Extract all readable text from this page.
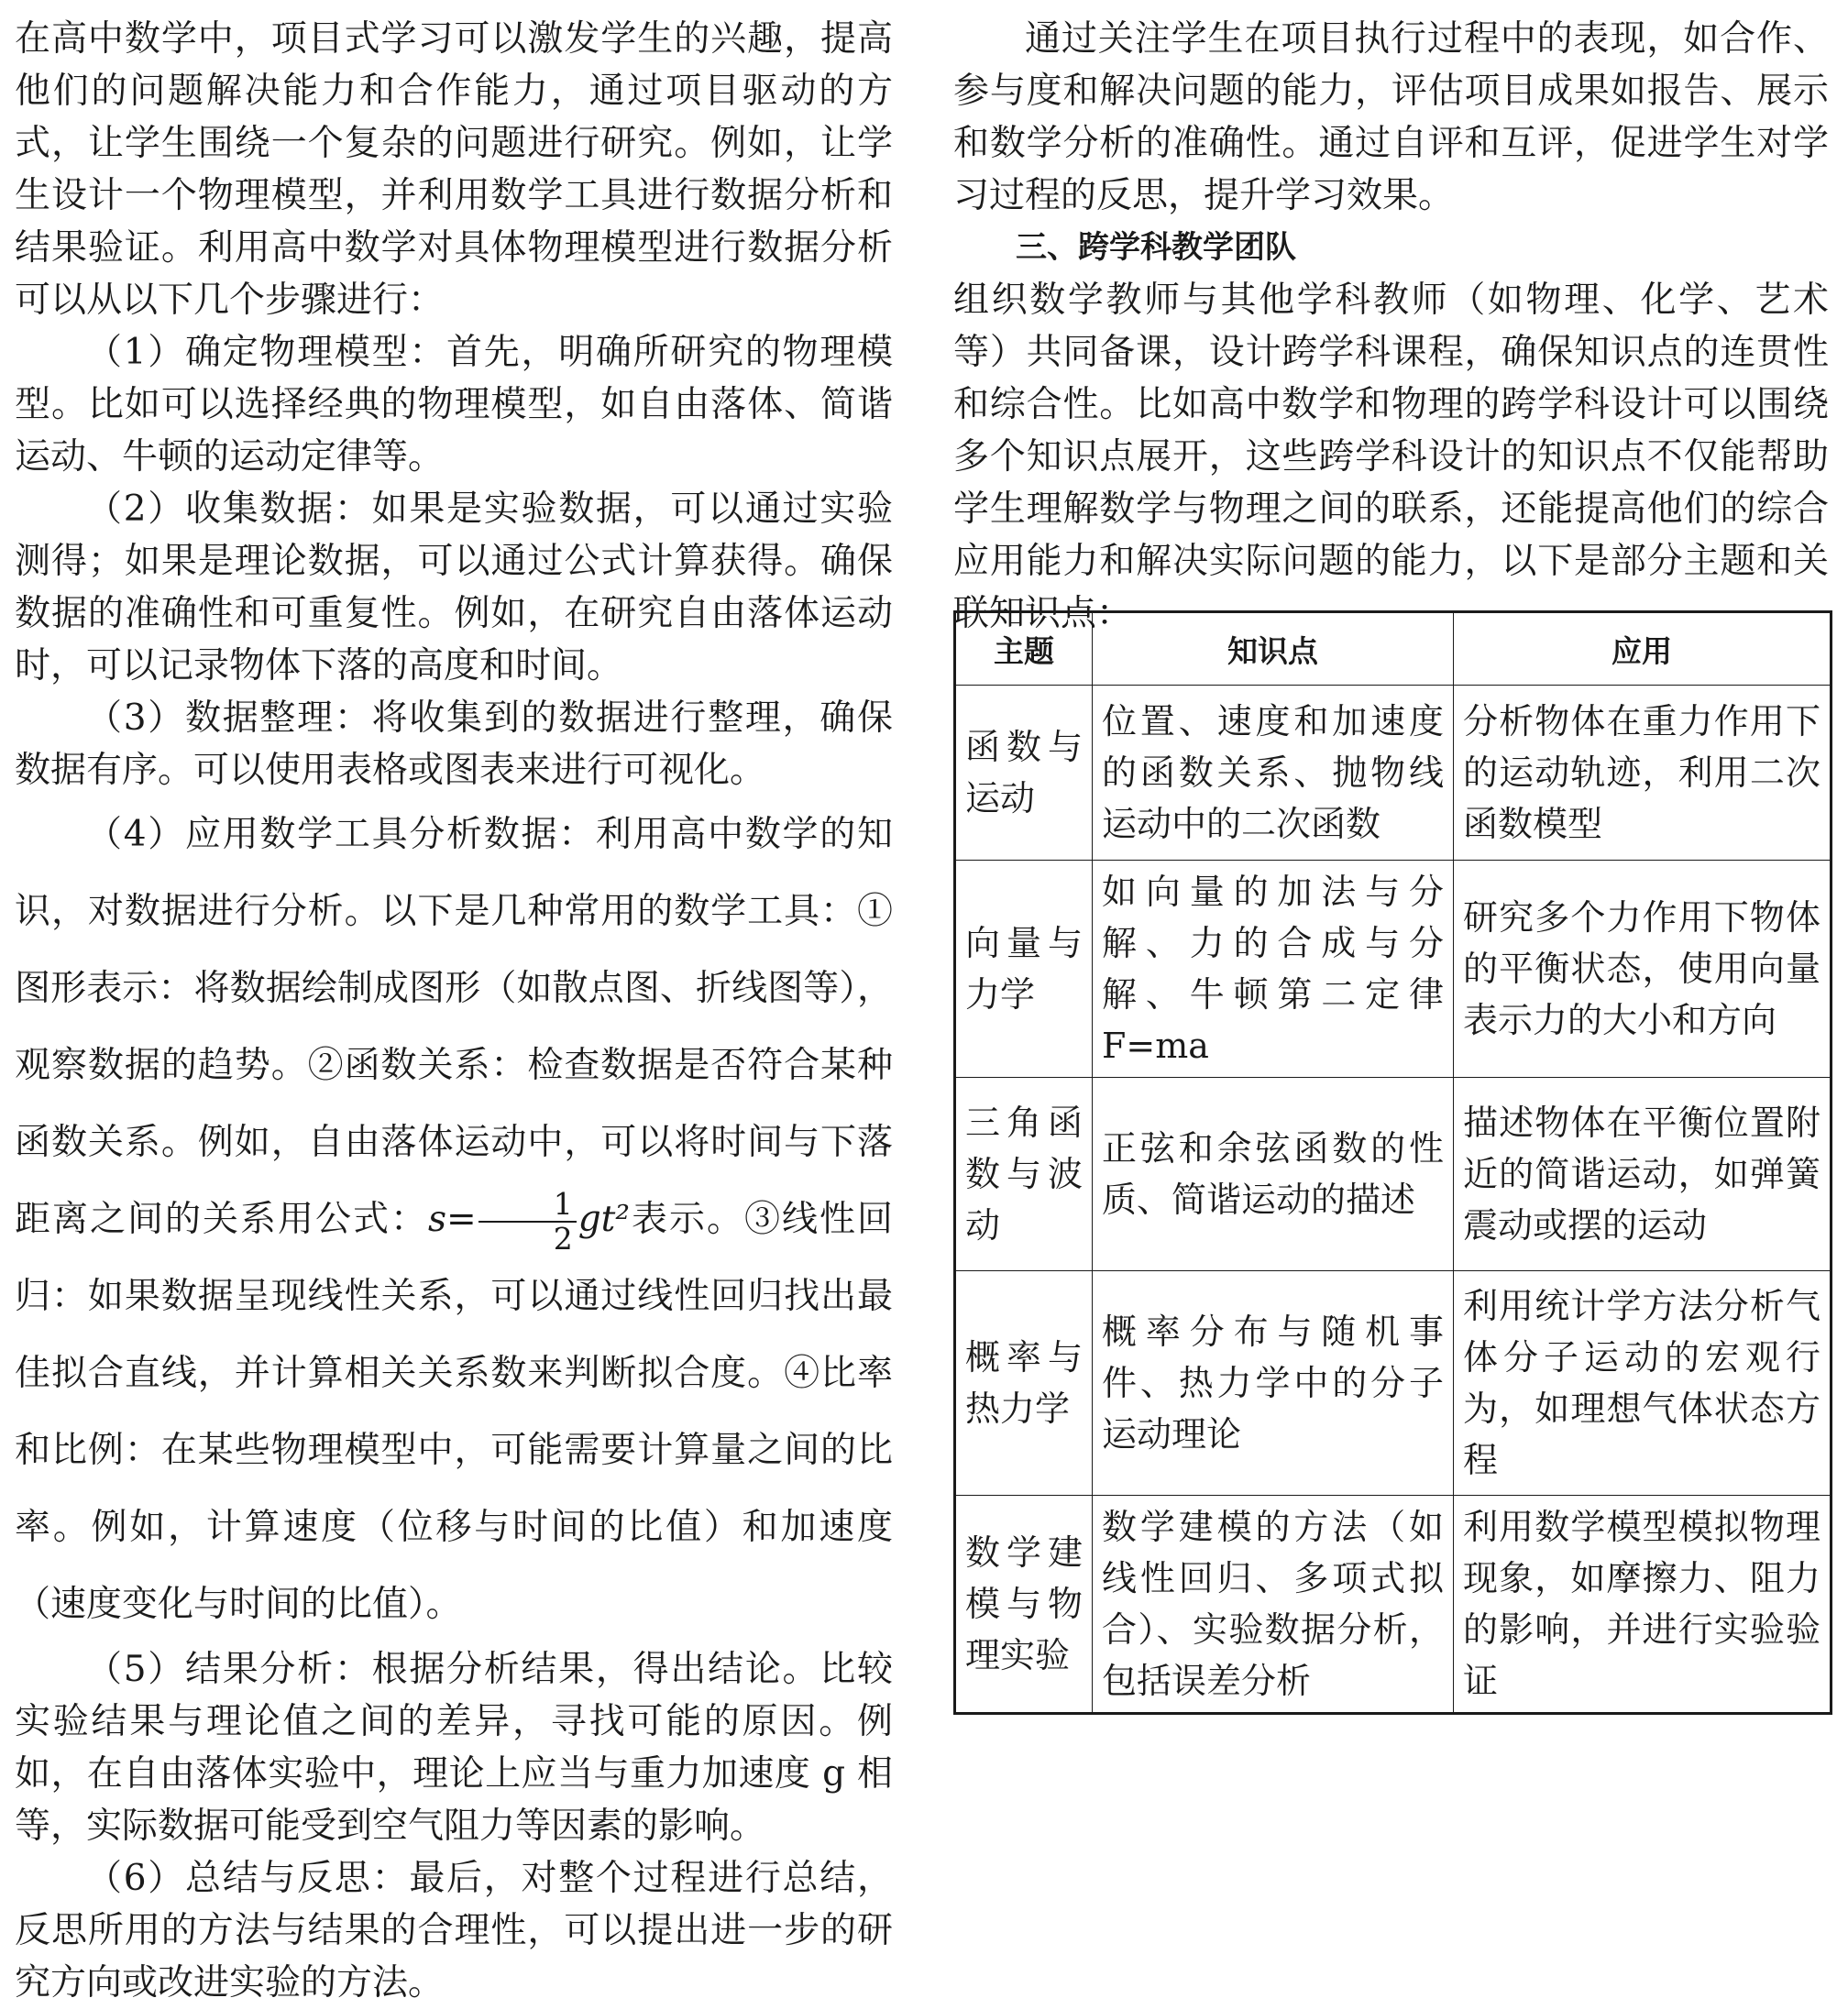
在高中数学中，项目式学习可以激发学生的兴趣，提高他们的问题解决能力和合作能力，通过项目驱动的方式，让学生围绕一个复杂的问题进行研究。例如，让学生设计一个物理模型，并利用数学工具进行数据分析和结果验证。利用高中数学对具体物理模型进行数据分析可以从以下几个步骤进行：

（1）确定物理模型：首先，明确所研究的物理模型。比如可以选择经典的物理模型，如自由落体、简谐运动、牛顿的运动定律等。

（2）收集数据：如果是实验数据，可以通过实验测得；如果是理论数据，可以通过公式计算获得。确保数据的准确性和可重复性。例如，在研究自由落体运动时，可以记录物体下落的高度和时间。

（3）数据整理：将收集到的数据进行整理，确保数据有序。可以使用表格或图表来进行可视化。

（4）应用数学工具分析数据：利用高中数学的知识，对数据进行分析。以下是几种常用的数学工具：①图形表示：将数据绘制成图形（如散点图、折线图等），观察数据的趋势。②函数关系：检查数据是否符合某种函数关系。例如，自由落体运动中，可以将时间与下落距离之间的关系用公式：$s= \frac{1}{2} gt^2$表示。③线性回归：如果数据呈现线性关系，可以通过线性回归找出最佳拟合直线，并计算相关关系数来判断拟合度。④比率和比例：在某些物理模型中，可能需要计算量之间的比率。例如，计算速度（位移与时间的比值）和加速度（速度变化与时间的比值）。

（5）结果分析：根据分析结果，得出结论。比较实验结果与理论值之间的差异，寻找可能的原因。例如，在自由落体实验中，理论上应当与重力加速度 g 相等，实际数据可能受到空气阻力等因素的影响。

（6）总结与反思：最后，对整个过程进行总结，反思所用的方法与结果的合理性，可以提出进一步的研究方向或改进实验的方法。

通过关注学生在项目执行过程中的表现，如合作、参与度和解决问题的能力，评估项目成果如报告、展示和数学分析的准确性。通过自评和互评，促进学生对学习过程的反思，提升学习效果。

三、跨学科教学团队

组织数学教师与其他学科教师（如物理、化学、艺术等）共同备课，设计跨学科课程，确保知识点的连贯性和综合性。比如高中数学和物理的跨学科设计可以围绕多个知识点展开，这些跨学科设计的知识点不仅能帮助学生理解数学与物理之间的联系，还能提高他们的综合应用能力和解决实际问题的能力，以下是部分主题和关联知识点：

主题	知识点	应用
函数与运动	位置、速度和加速度的函数关系、抛物线运动中的二次函数	分析物体在重力作用下的运动轨迹，利用二次函数模型
向量与力学	如向量的加法与分解、力的合成与分解、牛顿第二定律 F=ma	研究多个力作用下物体的平衡状态，使用向量表示力的大小和方向
三角函数与波动	正弦和余弦函数的性质、简谐运动的描述	描述物体在平衡位置附近的简谐运动，如弹簧震动或摆的运动
概率与热力学	概率分布与随机事件、热力学中的分子运动理论	利用统计学方法分析气体分子运动的宏观行为，如理想气体状态方程
数学建模与物理实验	数学建模的方法（如线性回归、多项式拟合）、实验数据分析，包括误差分析	利用数学模型模拟物理现象，如摩擦力、阻力的影响，并进行实验验证
